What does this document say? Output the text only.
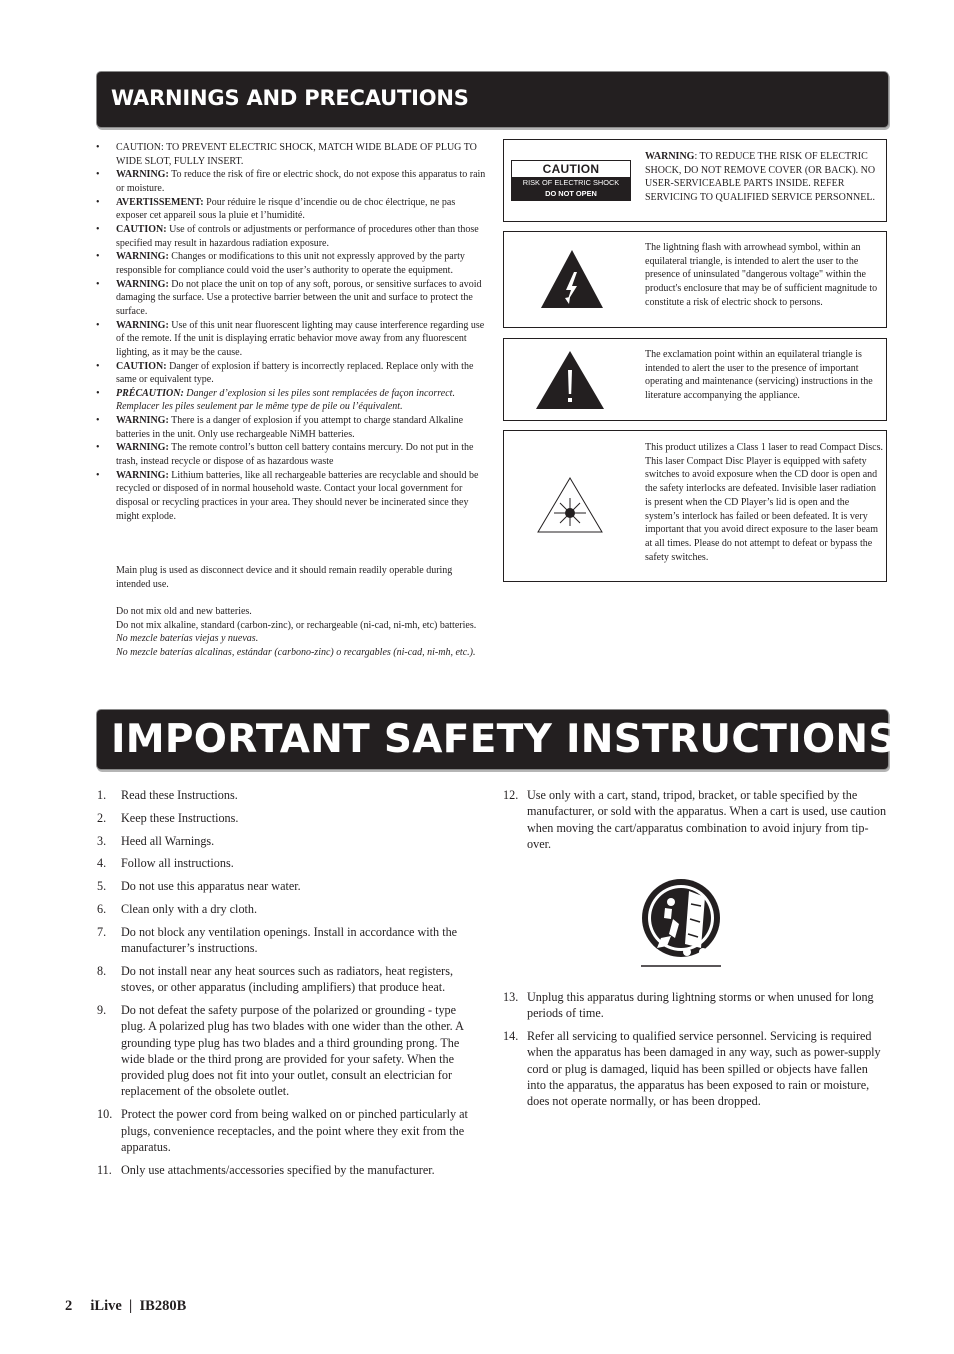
WARNINGS AND PRECAUTIONS
• CAUTION: TO PREVENT ELECTRIC SHOCK, MATCH WIDE BLADE OF PLUG TO WIDE SLOT, FULLY INSERT.
• WARNING: To reduce the risk of fire or electric shock, do not expose this apparatus to rain or moisture.
• AVERTISSEMENT: Pour réduire le risque d’incendie ou de choc électrique, ne pas exposer cet appareil sous la pluie et l’humidité.
• CAUTION: Use of controls or adjustments or performance of procedures other than those specified may result in hazardous radiation exposure.
• WARNING: Changes or modifications to this unit not expressly approved by the party responsible for compliance could void the user’s authority to operate the equipment.
• WARNING: Do not place the unit on top of any soft, porous, or sensitive surfaces to avoid damaging the surface. Use a protective barrier between the unit and surface to protect the surface.
• WARNING: Use of this unit near fluorescent lighting may cause interference regarding use of the remote. If the unit is displaying erratic behavior move away from any fluorescent lighting, as it may be the cause.
• CAUTION: Danger of explosion if battery is incorrectly replaced. Replace only with the same or equivalent type.
• PRÉCAUTION: Danger d’explosion si les piles sont remplacées de façon incorrect. Remplacer les piles seulement par le même type de pile ou l’équivalent.
• WARNING: There is a danger of explosion if you attempt to charge standard Alkaline batteries in the unit. Only use rechargeable NiMH batteries.
• WARNING: The remote control’s button cell battery contains mercury. Do not put in the trash, instead recycle or dispose of as hazardous waste
• WARNING: Lithium batteries, like all rechargeable batteries are recyclable and should be recycled or disposed of in normal household waste. Contact your local government for disposal or recycling practices in your area. They should never be incinerated since they might explode.

Main plug is used as disconnect device and it should remain readily operable during intended use.

Do not mix old and new batteries.

Do not mix alkaline, standard (carbon-zinc), or rechargeable (ni-cad, ni-mh, etc) batteries.

No mezcle baterías viejas y nuevas.

No mezcle baterías alcalinas, estándar (carbono-zinc) o recargables (ni-cad, ni-mh, etc.).

CAUTION
RISK OF ELECTRIC SHOCK
DO NOT OPEN
WARNING: TO REDUCE THE RISK OF ELECTRIC SHOCK, DO NOT REMOVE COVER (OR BACK). NO USER-SERVICEABLE PARTS INSIDE. REFER SERVICING TO QUALIFIED SERVICE PERSONNEL.
The lightning flash with arrowhead symbol, within an equilateral triangle, is intended to alert the user to the presence of uninsulated "dangerous voltage" within the product's enclosure that may be of sufficient magnitude to constitute a risk of electric shock to persons.
The exclamation point within an equilateral triangle is intended to alert the user to the presence of important operating and maintenance (servicing) instructions in the literature accompanying the appliance.
This product utilizes a Class 1 laser to read Compact Discs. This laser Compact Disc Player is equipped with safety switches to avoid exposure when the CD door is open and the safety interlocks are defeated. Invisible laser radiation is present when the CD Player’s lid is open and the system’s interlock has failed or been defeated. It is very important that you avoid direct exposure to the laser beam at all times. Please do not attempt to defeat or bypass the safety switches.
IMPORTANT SAFETY INSTRUCTIONS
1. Read these Instructions.
2. Keep these Instructions.
3. Heed all Warnings.
4. Follow all instructions.
5. Do not use this apparatus near water.
6. Clean only with a dry cloth.
7. Do not block any ventilation openings. Install in accordance with the manufacturer’s instructions.
8. Do not install near any heat sources such as radiators, heat registers, stoves, or other apparatus (including amplifiers) that produce heat.
9. Do not defeat the safety purpose of the polarized or grounding - type plug. A polarized plug has two blades with one wider than the other. A grounding type plug has two blades and a third grounding prong. The wide blade or the third prong are provided for your safety. When the provided plug does not fit into your outlet, consult an electrician for replacement of the obsolete outlet.
10. Protect the power cord from being walked on or pinched particularly at plugs, convenience receptacles, and the point where they exit from the apparatus.
11. Only use attachments/accessories specified by the manufacturer.
12. Use only with a cart, stand, tripod, bracket, or table specified by the manufacturer, or sold with the apparatus. When a cart is used, use caution when moving the cart/apparatus combination to avoid injury from tip-over.
13. Unplug this apparatus during lightning storms or when unused for long periods of time.
14. Refer all servicing to qualified service personnel. Servicing is required when the apparatus has been damaged in any way, such as power-supply cord or plug is damaged, liquid has been spilled or objects have fallen into the apparatus, the apparatus has been exposed to rain or moisture, does not operate normally, or has been dropped.
2 iLive | IB280B
